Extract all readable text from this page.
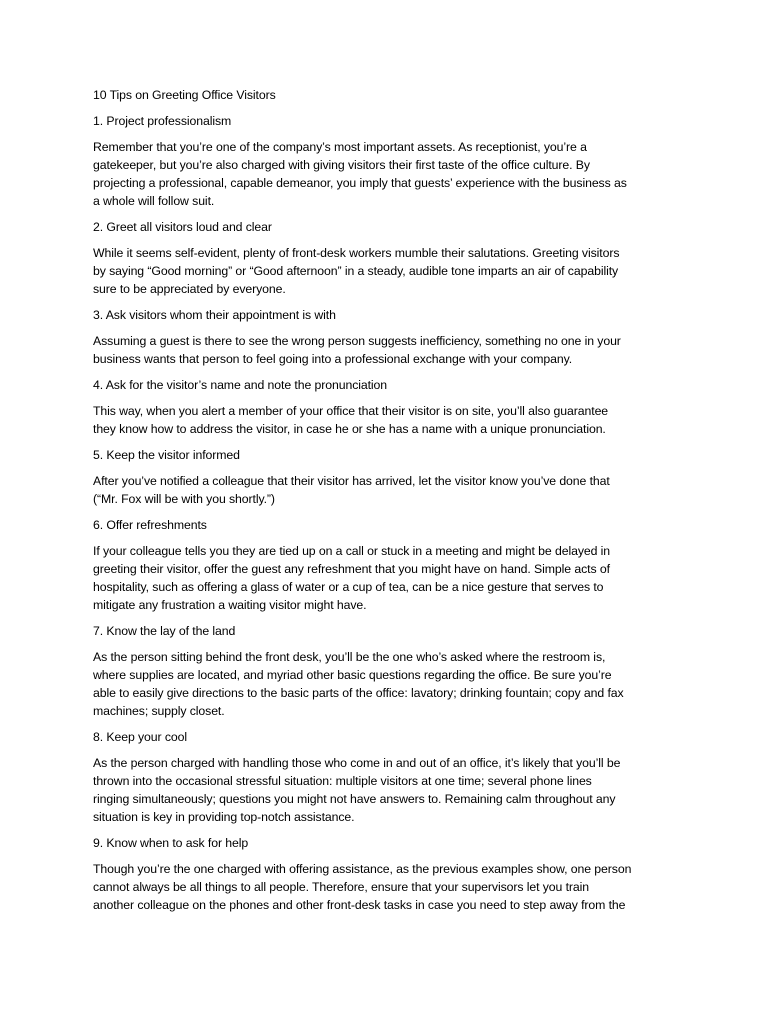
10 Tips on Greeting Office Visitors
1. Project professionalism
Remember that you’re one of the company’s most important assets. As receptionist, you’re a
gatekeeper, but you’re also charged with giving visitors their first taste of the office culture. By
projecting a professional, capable demeanor, you imply that guests’ experience with the business as
a whole will follow suit.
2. Greet all visitors loud and clear
While it seems self-evident, plenty of front-desk workers mumble their salutations. Greeting visitors
by saying “Good morning” or “Good afternoon” in a steady, audible tone imparts an air of capability
sure to be appreciated by everyone.
3. Ask visitors whom their appointment is with
Assuming a guest is there to see the wrong person suggests inefficiency, something no one in your
business wants that person to feel going into a professional exchange with your company.
4. Ask for the visitor’s name and note the pronunciation
This way, when you alert a member of your office that their visitor is on site, you’ll also guarantee
they know how to address the visitor, in case he or she has a name with a unique pronunciation.
5. Keep the visitor informed
After you’ve notified a colleague that their visitor has arrived, let the visitor know you’ve done that
(“Mr. Fox will be with you shortly.”)
6. Offer refreshments
If your colleague tells you they are tied up on a call or stuck in a meeting and might be delayed in
greeting their visitor, offer the guest any refreshment that you might have on hand. Simple acts of
hospitality, such as offering a glass of water or a cup of tea, can be a nice gesture that serves to
mitigate any frustration a waiting visitor might have.
7. Know the lay of the land
As the person sitting behind the front desk, you’ll be the one who’s asked where the restroom is,
where supplies are located, and myriad other basic questions regarding the office. Be sure you’re
able to easily give directions to the basic parts of the office: lavatory; drinking fountain; copy and fax
machines; supply closet.
8. Keep your cool
As the person charged with handling those who come in and out of an office, it’s likely that you’ll be
thrown into the occasional stressful situation: multiple visitors at one time; several phone lines
ringing simultaneously; questions you might not have answers to. Remaining calm throughout any
situation is key in providing top-notch assistance.
9. Know when to ask for help
Though you’re the one charged with offering assistance, as the previous examples show, one person
cannot always be all things to all people. Therefore, ensure that your supervisors let you train
another colleague on the phones and other front-desk tasks in case you need to step away from the
